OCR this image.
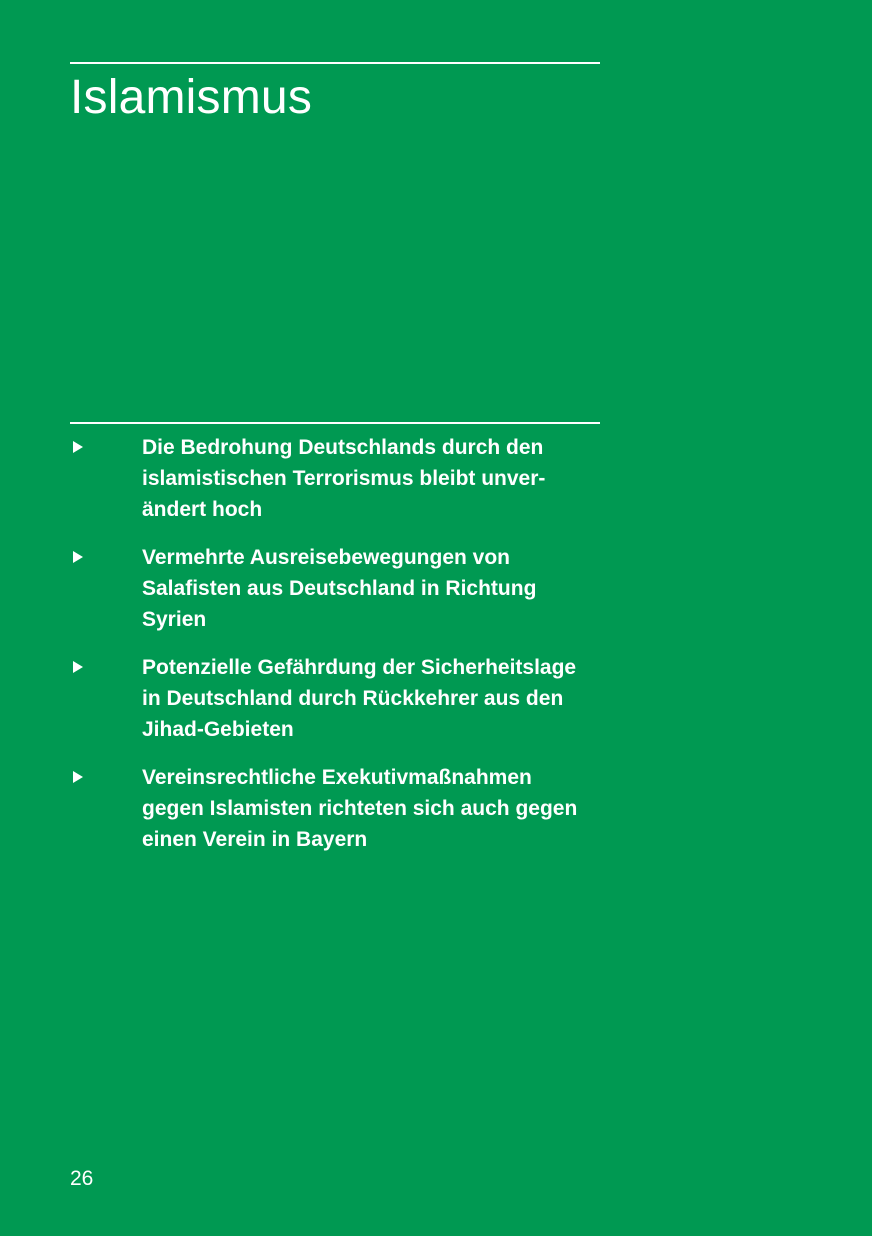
Islamismus
Die Bedrohung Deutschlands durch den islamistischen Terrorismus bleibt unverändert hoch
Vermehrte Ausreisebewegungen von Salafisten aus Deutschland in Richtung Syrien
Potenzielle Gefährdung der Sicherheitslage in Deutschland durch Rückkehrer aus den Jihad-Gebieten
Vereinsrechtliche Exekutivmaßnahmen gegen Islamisten richteten sich auch gegen einen Verein in Bayern
26
